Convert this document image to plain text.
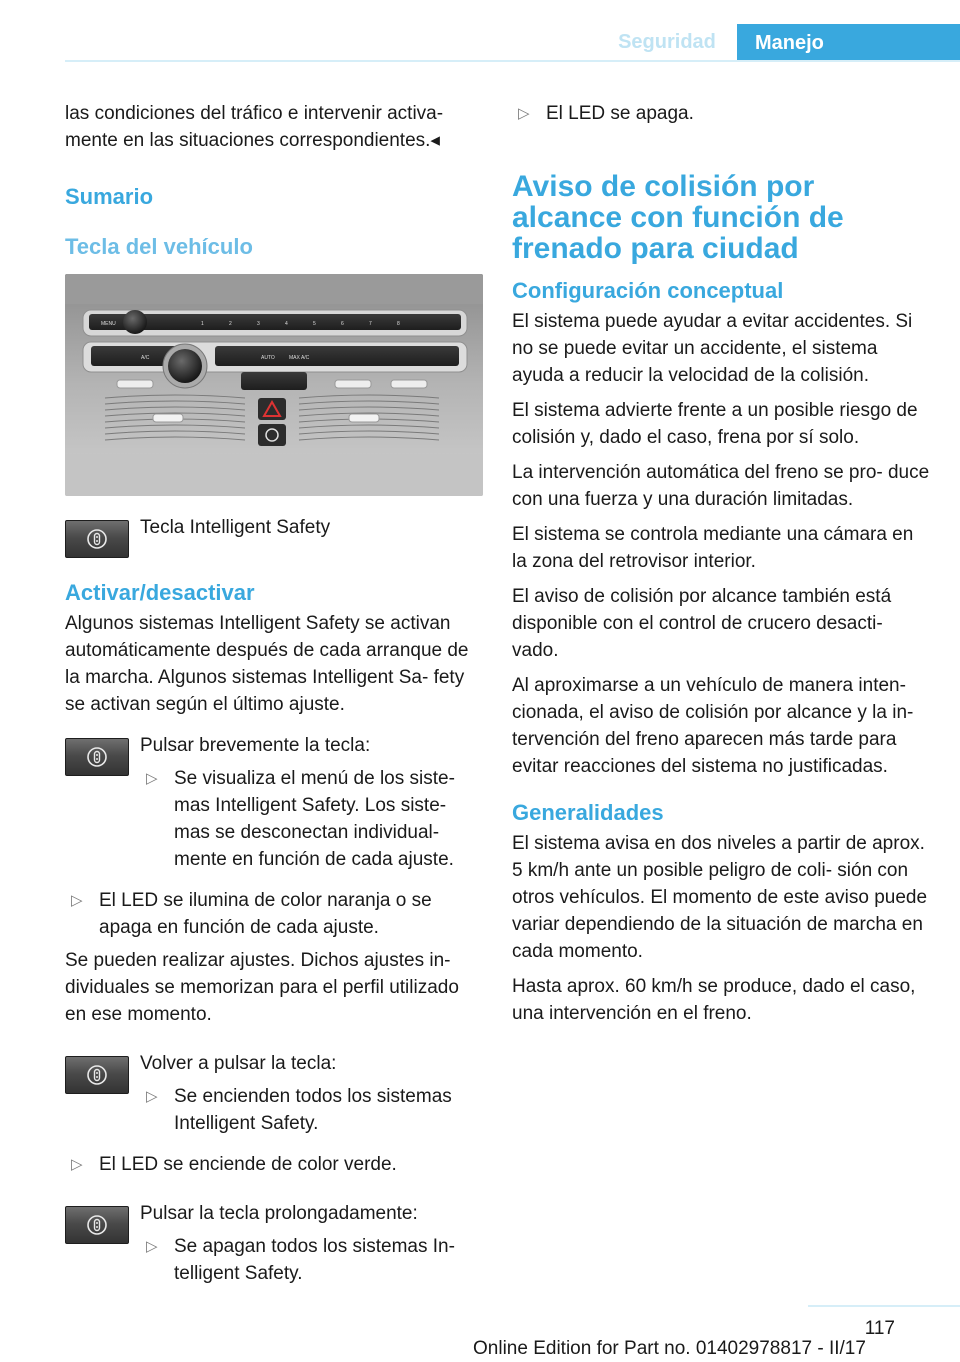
Seguridad	Manejo

las condiciones del tráfico e intervenir activa- mente en las situaciones correspondientes.◂

Sumario
Tecla del vehículo
MENU	1	2	3	4	5	6	7	8
A/C	AUTO	MAX A/C

Tecla Intelligent Safety

Activar/desactivar

Algunos sistemas Intelligent Safety se activan automáticamente después de cada arranque de la marcha. Algunos sistemas Intelligent Sa- fety se activan según el último ajuste.

Pulsar brevemente la tecla:

▷ Se visualiza el menú de los siste- mas Intelligent Safety. Los siste- mas se desconectan individual- mente en función de cada ajuste.
▷ El LED se ilumina de color naranja o se apaga en función de cada ajuste.

Se pueden realizar ajustes. Dichos ajustes in- dividuales se memorizan para el perfil utilizado en ese momento.

Volver a pulsar la tecla:

▷ Se encienden todos los sistemas Intelligent Safety.
▷ El LED se enciende de color verde.

Pulsar la tecla prolongadamente:

▷ Se apagan todos los sistemas In- telligent Safety.
▷ El LED se apaga.
Aviso de colisión por alcance con función de frenado para ciudad
Configuración conceptual

El sistema puede ayudar a evitar accidentes. Si no se puede evitar un accidente, el sistema ayuda a reducir la velocidad de la colisión.

El sistema advierte frente a un posible riesgo de colisión y, dado el caso, frena por sí solo.

La intervención automática del freno se pro- duce con una fuerza y una duración limitadas.

El sistema se controla mediante una cámara en la zona del retrovisor interior.

El aviso de colisión por alcance también está disponible con el control de crucero desacti- vado.

Al aproximarse a un vehículo de manera inten- cionada, el aviso de colisión por alcance y la in- tervención del freno aparecen más tarde para evitar reacciones del sistema no justificadas.

Generalidades

El sistema avisa en dos niveles a partir de aprox. 5 km/h ante un posible peligro de coli- sión con otros vehículos. El momento de este aviso puede variar dependiendo de la situación de marcha en cada momento.

Hasta aprox. 60 km/h se produce, dado el caso, una intervención en el freno.

117
Online Edition for Part no. 01402978817 - II/17
